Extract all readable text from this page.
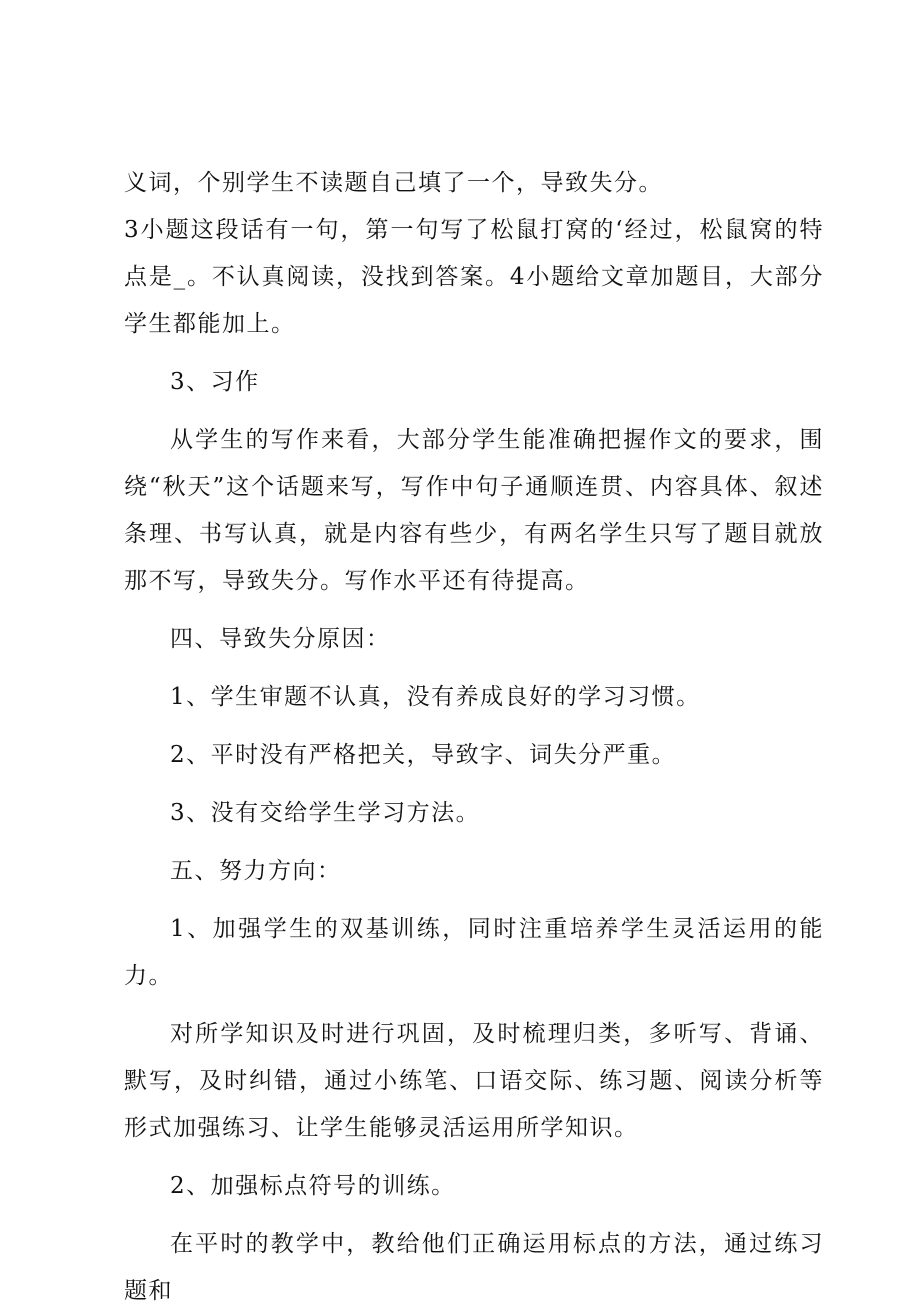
义词，个别学生不读题自己填了一个，导致失分。

3小题这段话有一句，第一句写了松鼠打窝的‘经过，松鼠窝的特点是_。不认真阅读，没找到答案。4小题给文章加题目，大部分学生都能加上。

3、习作

从学生的写作来看，大部分学生能准确把握作文的要求，围绕“秋天”这个话题来写，写作中句子通顺连贯、内容具体、叙述条理、书写认真，就是内容有些少，有两名学生只写了题目就放那不写，导致失分。写作水平还有待提高。

四、导致失分原因：

1、学生审题不认真，没有养成良好的学习习惯。

2、平时没有严格把关，导致字、词失分严重。

3、没有交给学生学习方法。

五、努力方向：

1、加强学生的双基训练，同时注重培养学生灵活运用的能力。

对所学知识及时进行巩固，及时梳理归类，多听写、背诵、默写，及时纠错，通过小练笔、口语交际、练习题、阅读分析等形式加强练习、让学生能够灵活运用所学知识。

2、加强标点符号的训练。

在平时的教学中，教给他们正确运用标点的方法，通过练习题和
